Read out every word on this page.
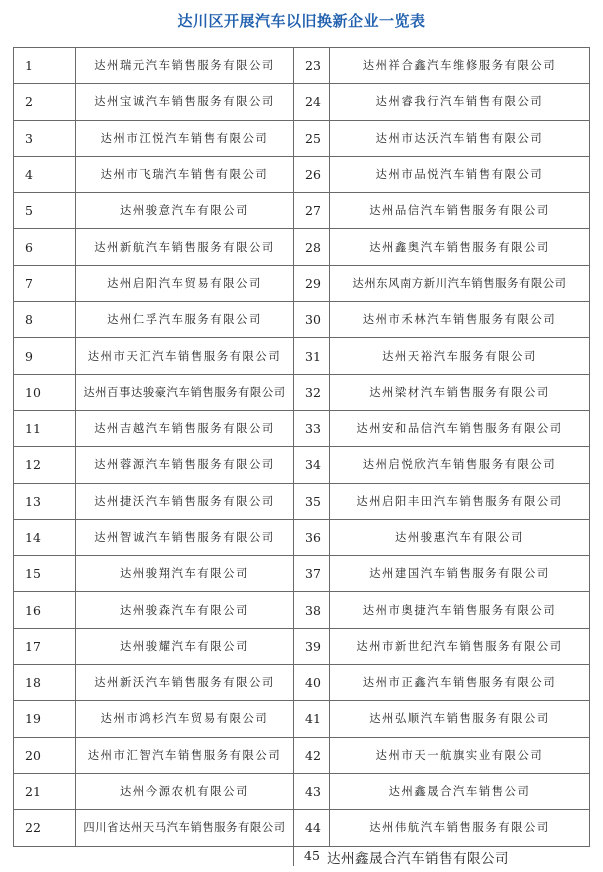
达川区开展汽车以旧换新企业一览表
1	达州瑞元汽车销售服务有限公司	23	达州祥合鑫汽车维修服务有限公司
2	达州宝诚汽车销售服务有限公司	24	达州睿我行汽车销售有限公司
3	达州市江悦汽车销售有限公司	25	达州市达沃汽车销售有限公司
4	达州市飞瑞汽车销售有限公司	26	达州市品悦汽车销售有限公司
5	达州骏意汽车有限公司	27	达州品信汽车销售服务有限公司
6	达州新航汽车销售服务有限公司	28	达州鑫奥汽车销售服务有限公司
7	达州启阳汽车贸易有限公司	29	达州东风南方新川汽车销售服务有限公司
8	达州仁孚汽车服务有限公司	30	达州市禾林汽车销售服务有限公司
9	达州市天汇汽车销售服务有限公司	31	达州天裕汽车服务有限公司
10	达州百事达骏豪汽车销售服务有限公司	32	达州梁材汽车销售服务有限公司
11	达州吉越汽车销售服务有限公司	33	达州安和品信汽车销售服务有限公司
12	达州蓉源汽车销售服务有限公司	34	达州启悦欣汽车销售服务有限公司
13	达州捷沃汽车销售服务有限公司	35	达州启阳丰田汽车销售服务有限公司
14	达州智诚汽车销售服务有限公司	36	达州骏惠汽车有限公司
15	达州骏翔汽车有限公司	37	达州建国汽车销售服务有限公司
16	达州骏森汽车有限公司	38	达州市奥捷汽车销售服务有限公司
17	达州骏耀汽车有限公司	39	达州市新世纪汽车销售服务有限公司
18	达州新沃汽车销售服务有限公司	40	达州市正鑫汽车销售服务有限公司
19	达州市鸿杉汽车贸易有限公司	41	达州弘顺汽车销售服务有限公司
20	达州市汇智汽车销售服务有限公司	42	达州市天一航旗实业有限公司
21	达州今源农机有限公司	43	达州鑫晟合汽车销售公司
22	四川省达州天马汽车销售服务有限公司	44	达州伟航汽车销售服务有限公司
45 达州鑫晟合汽车销售有限公司
